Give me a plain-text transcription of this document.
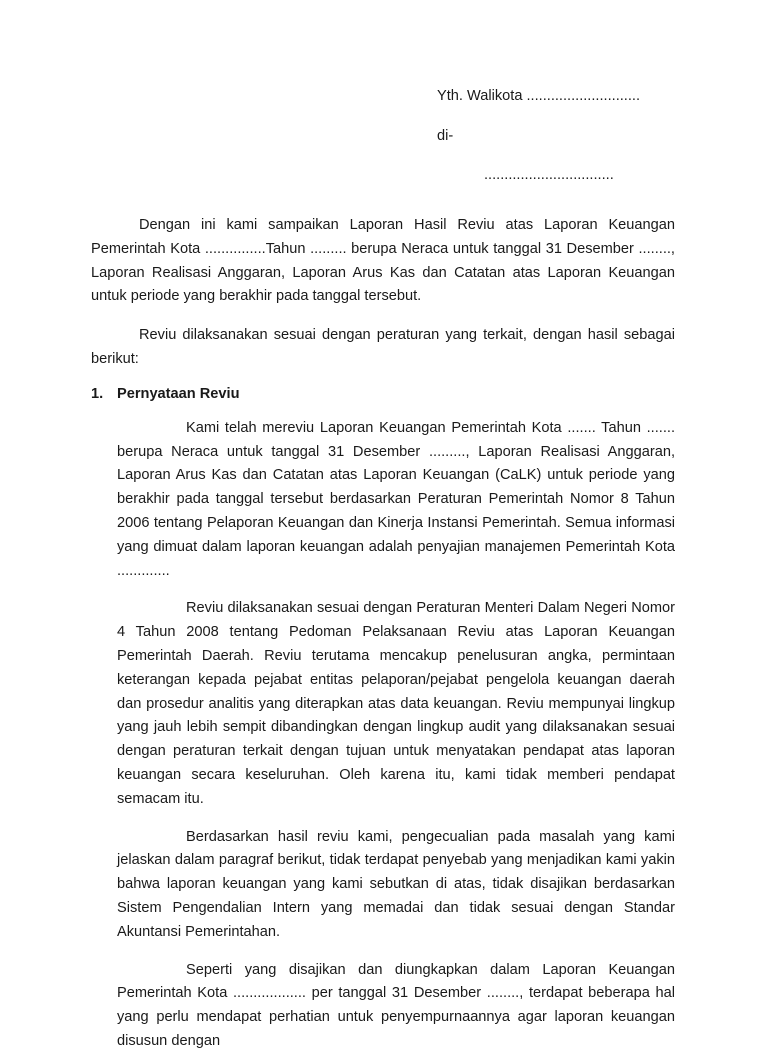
Yth. Walikota ............................
di-
................................

Dengan ini kami sampaikan Laporan Hasil Reviu atas Laporan Keuangan Pemerintah Kota ...............Tahun ......... berupa Neraca untuk tanggal 31 Desember ........, Laporan Realisasi Anggaran, Laporan Arus Kas dan Catatan atas Laporan Keuangan untuk periode yang berakhir pada tanggal tersebut.

Reviu dilaksanakan sesuai dengan peraturan yang terkait, dengan hasil sebagai berikut:

1. Pernyataan Reviu

Kami telah mereviu Laporan Keuangan Pemerintah Kota ....... Tahun ....... berupa Neraca untuk tanggal 31 Desember ........., Laporan Realisasi Anggaran, Laporan Arus Kas dan Catatan atas Laporan Keuangan (CaLK) untuk periode yang berakhir pada tanggal tersebut berdasarkan Peraturan Pemerintah Nomor 8 Tahun 2006 tentang Pelaporan Keuangan dan Kinerja Instansi Pemerintah. Semua informasi yang dimuat dalam laporan keuangan adalah penyajian manajemen Pemerintah Kota .............

Reviu dilaksanakan sesuai dengan Peraturan Menteri Dalam Negeri Nomor 4 Tahun 2008 tentang Pedoman Pelaksanaan Reviu atas Laporan Keuangan Pemerintah Daerah. Reviu terutama mencakup penelusuran angka, permintaan keterangan kepada pejabat entitas pelaporan/pejabat pengelola keuangan daerah dan prosedur analitis yang diterapkan atas data keuangan. Reviu mempunyai lingkup yang jauh lebih sempit dibandingkan dengan lingkup audit yang dilaksanakan sesuai dengan peraturan terkait dengan tujuan untuk menyatakan pendapat atas laporan keuangan secara keseluruhan. Oleh karena itu, kami tidak memberi pendapat semacam itu.

Berdasarkan hasil reviu kami, pengecualian pada masalah yang kami jelaskan dalam paragraf berikut, tidak terdapat penyebab yang menjadikan kami yakin bahwa laporan keuangan yang kami sebutkan di atas, tidak disajikan berdasarkan Sistem Pengendalian Intern yang memadai dan tidak sesuai dengan Standar Akuntansi Pemerintahan.

Seperti yang disajikan dan diungkapkan dalam Laporan Keuangan Pemerintah Kota .................. per tanggal 31 Desember ........, terdapat beberapa hal yang perlu mendapat perhatian untuk penyempurnaannya agar laporan keuangan disusun dengan
